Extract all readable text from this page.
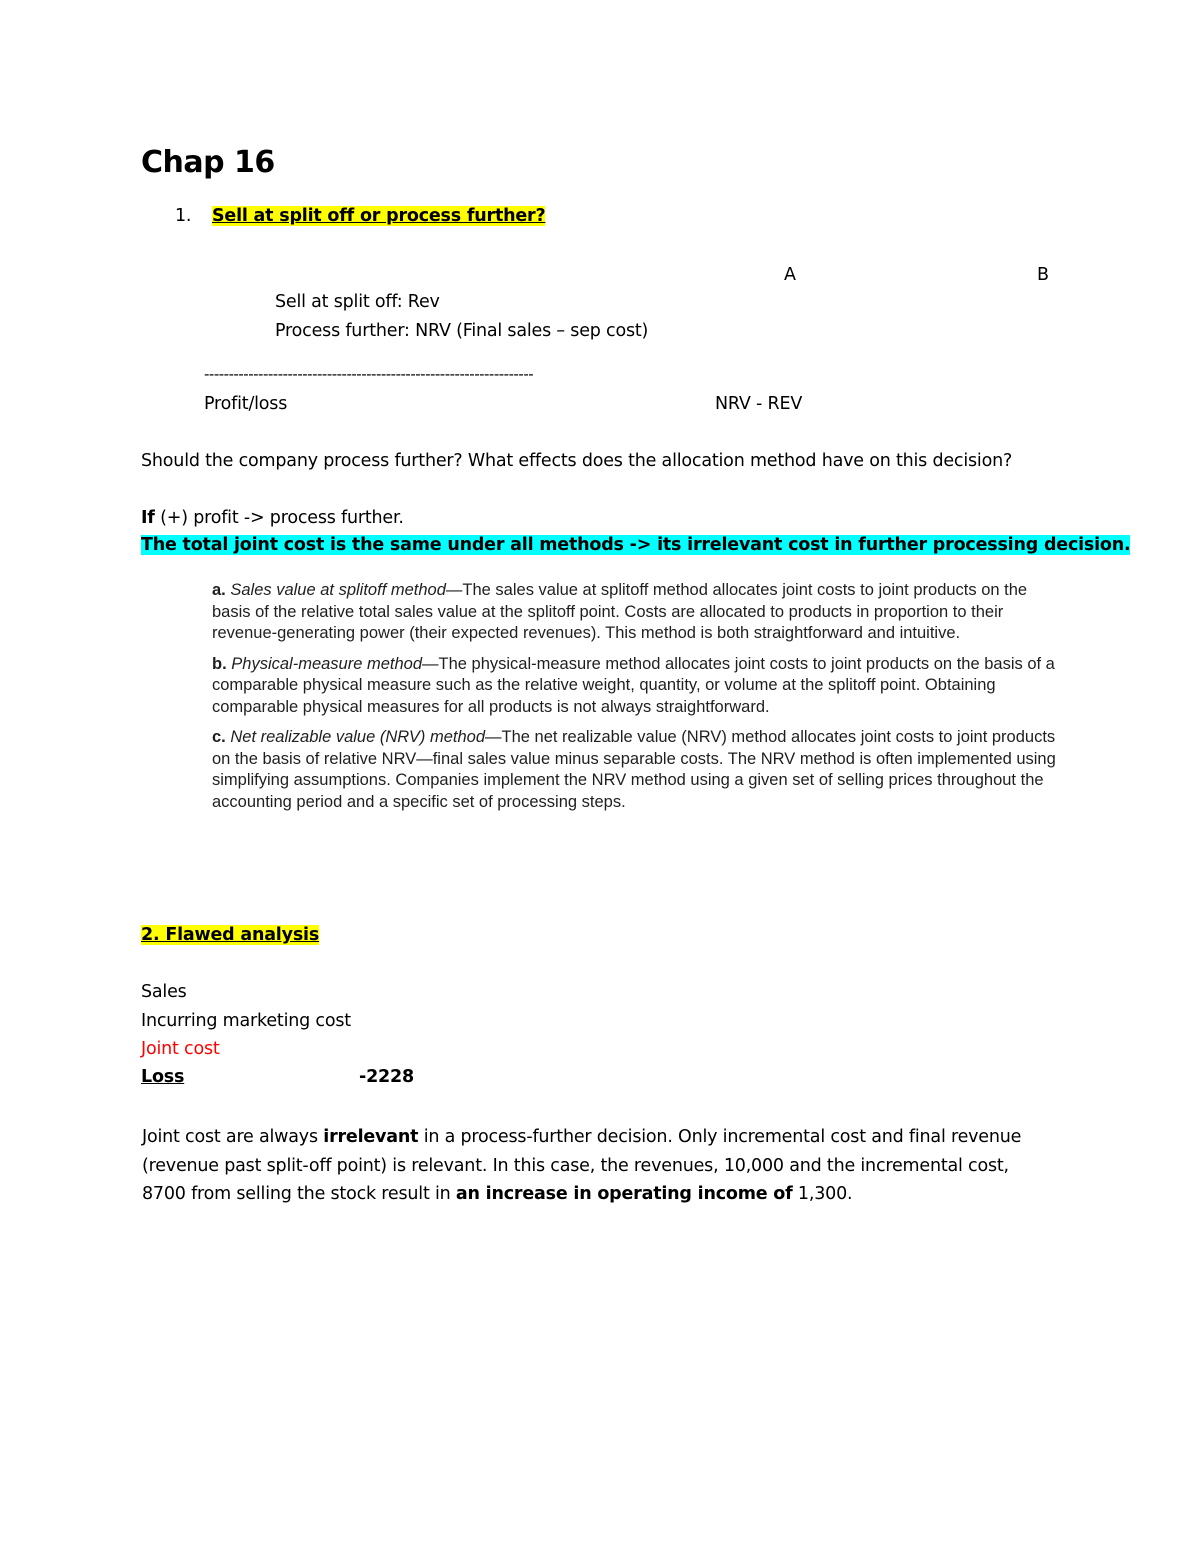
Chap 16
1. Sell at split off or process further?
A	B
Sell at split off: Rev
Process further: NRV (Final sales – sep cost)
-------------------------------------------------------------------
Profit/loss	NRV - REV
Should the company process further? What effects does the allocation method have on this decision?
If (+) profit -> process further.
The total joint cost is the same under all methods -> its irrelevant cost in further processing decision.

a. Sales value at splitoff method—The sales value at splitoff method allocates joint costs to joint products on the basis of the relative total sales value at the splitoff point. Costs are allocated to products in proportion to their revenue-generating power (their expected revenues). This method is both straightforward and intuitive.

b. Physical-measure method—The physical-measure method allocates joint costs to joint products on the basis of a comparable physical measure such as the relative weight, quantity, or volume at the splitoff point. Obtaining comparable physical measures for all products is not always straightforward.

c. Net realizable value (NRV) method—The net realizable value (NRV) method allocates joint costs to joint products on the basis of relative NRV—final sales value minus separable costs. The NRV method is often implemented using simplifying assumptions. Companies implement the NRV method using a given set of selling prices throughout the accounting period and a specific set of processing steps.

2. Flawed analysis
Sales
Incurring marketing cost
Joint cost
Loss	-2228
Joint cost are always irrelevant in a process-further decision. Only incremental cost and final revenue (revenue past split-off point) is relevant. In this case, the revenues, 10,000 and the incremental cost, 8700 from selling the stock result in an increase in operating income of 1,300.
